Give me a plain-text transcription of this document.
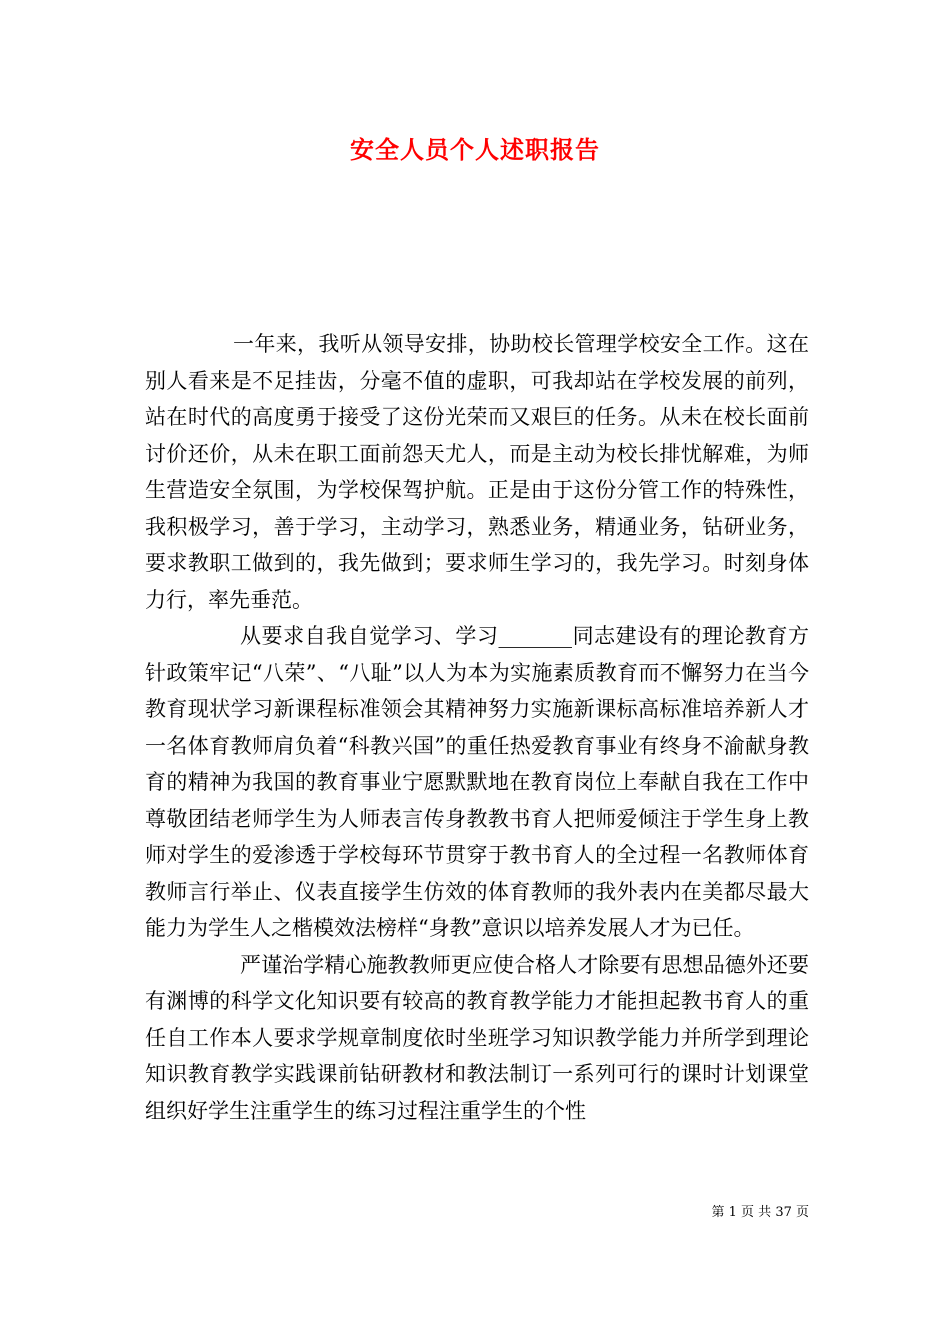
安全人员个人述职报告

一年来，我听从领导安排，协助校长管理学校安全工作。这在别人看来是不足挂齿，分毫不值的虚职，可我却站在学校发展的前列，站在时代的高度勇于接受了这份光荣而又艰巨的任务。从未在校长面前讨价还价，从未在职工面前怨天尤人，而是主动为校长排忧解难，为师生营造安全氛围，为学校保驾护航。正是由于这份分管工作的特殊性，我积极学习，善于学习，主动学习，熟悉业务，精通业务，钻研业务，要求教职工做到的，我先做到；要求师生学习的，我先学习。时刻身体力行，率先垂范。

从要求自我自觉学习、学习_______同志建设有的理论教育方针政策牢记“八荣”、“八耻”以人为本为实施素质教育而不懈努力在当今教育现状学习新课程标准领会其精神努力实施新课标高标准培养新人才一名体育教师肩负着“科教兴国”的重任热爱教育事业有终身不渝献身教育的精神为我国的教育事业宁愿默默地在教育岗位上奉献自我在工作中尊敬团结老师学生为人师表言传身教教书育人把师爱倾注于学生身上教师对学生的爱渗透于学校每环节贯穿于教书育人的全过程一名教师体育教师言行举止、仪表直接学生仿效的体育教师的我外表内在美都尽最大能力为学生人之楷模效法榜样“身教”意识以培养发展人才为已任。

严谨治学精心施教教师更应使合格人才除要有思想品德外还要有渊博的科学文化知识要有较高的教育教学能力才能担起教书育人的重任自工作本人要求学规章制度依时坐班学习知识教学能力并所学到理论知识教育教学实践课前钻研教材和教法制订一系列可行的课时计划课堂组织好学生注重学生的练习过程注重学生的个性

第 1 页 共 37 页
